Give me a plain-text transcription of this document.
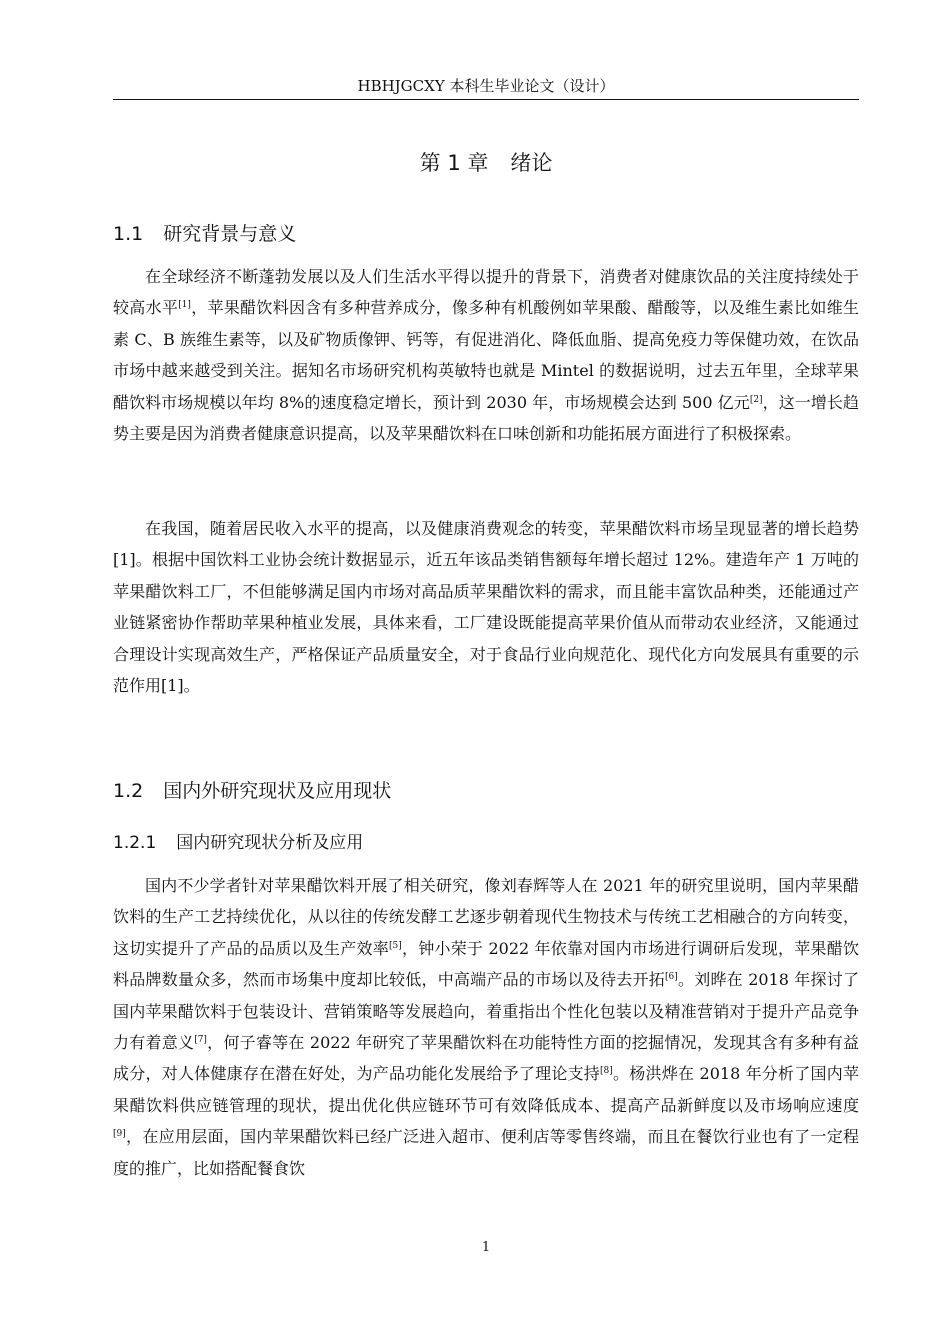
HBHJGCXY 本科生毕业论文（设计）
第 1 章 绪论
1.1 研究背景与意义

在全球经济不断蓬勃发展以及人们生活水平得以提升的背景下，消费者对健康饮品的关注度持续处于较高水平[1]，苹果醋饮料因含有多种营养成分，像多种有机酸例如苹果酸、醋酸等，以及维生素比如维生素 C、B 族维生素等，以及矿物质像钾、钙等，有促进消化、降低血脂、提高免疫力等保健功效，在饮品市场中越来越受到关注。据知名市场研究机构英敏特也就是 Mintel 的数据说明，过去五年里，全球苹果醋饮料市场规模以年均 8%的速度稳定增长，预计到 2030 年，市场规模会达到 500 亿元[2]，这一增长趋势主要是因为消费者健康意识提高，以及苹果醋饮料在口味创新和功能拓展方面进行了积极探索。

在我国，随着居民收入水平的提高，以及健康消费观念的转变，苹果醋饮料市场呈现显著的增长趋势[1]。根据中国饮料工业协会统计数据显示，近五年该品类销售额每年增长超过 12%。建造年产 1 万吨的苹果醋饮料工厂，不但能够满足国内市场对高品质苹果醋饮料的需求，而且能丰富饮品种类，还能通过产业链紧密协作帮助苹果种植业发展，具体来看，工厂建设既能提高苹果价值从而带动农业经济，又能通过合理设计实现高效生产，严格保证产品质量安全，对于食品行业向规范化、现代化方向发展具有重要的示范作用[1]。

1.2 国内外研究现状及应用现状
1.2.1 国内研究现状分析及应用

国内不少学者针对苹果醋饮料开展了相关研究，像刘春辉等人在 2021 年的研究里说明，国内苹果醋饮料的生产工艺持续优化，从以往的传统发酵工艺逐步朝着现代生物技术与传统工艺相融合的方向转变，这切实提升了产品的品质以及生产效率[5]，钟小荣于 2022 年依靠对国内市场进行调研后发现，苹果醋饮料品牌数量众多，然而市场集中度却比较低，中高端产品的市场以及待去开拓[6]。刘晔在 2018 年探讨了国内苹果醋饮料于包装设计、营销策略等发展趋向，着重指出个性化包装以及精准营销对于提升产品竞争力有着意义[7]，何子睿等在 2022 年研究了苹果醋饮料在功能特性方面的挖掘情况，发现其含有多种有益成分，对人体健康存在潜在好处，为产品功能化发展给予了理论支持[8]。杨洪烨在 2018 年分析了国内苹果醋饮料供应链管理的现状，提出优化供应链环节可有效降低成本、提高产品新鲜度以及市场响应速度[9]，在应用层面，国内苹果醋饮料已经广泛进入超市、便利店等零售终端，而且在餐饮行业也有了一定程度的推广，比如搭配餐食饮

1
